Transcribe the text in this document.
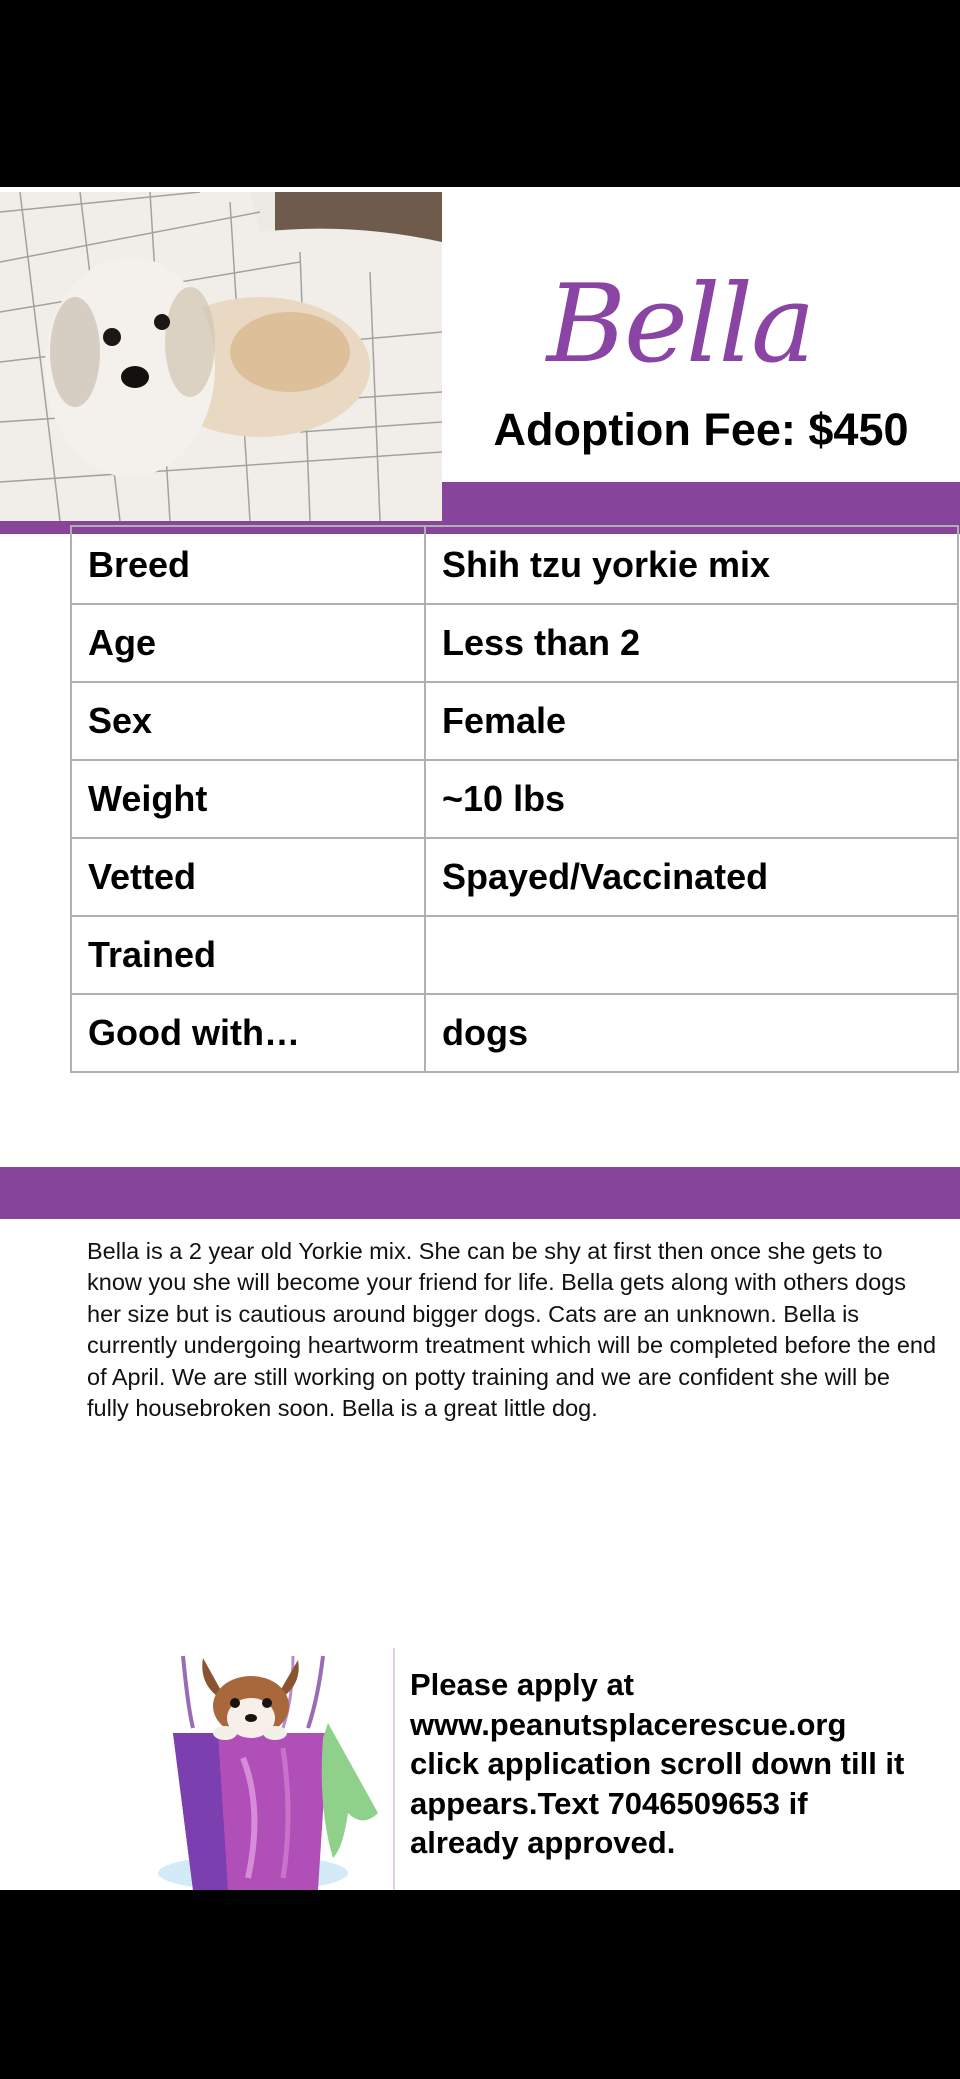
Bella
Adoption Fee: $450
Breed	Shih tzu yorkie mix
Age	Less than 2
Sex	Female
Weight	~10 lbs
Vetted	Spayed/Vaccinated
Trained	
Good with…	dogs
Bella is a 2 year old Yorkie mix. She can be shy at first then once she gets to know you she will become your friend for life. Bella gets along with others dogs her size but is cautious around bigger dogs. Cats are an unknown. Bella is currently undergoing heartworm treatment which will be completed before the end of April. We are still working on potty training and we are confident she will be fully housebroken soon. Bella is a great little dog.
Please apply at
www.peanutsplacerescue.org
click application scroll down till it
appears.Text 7046509653 if
already approved.
